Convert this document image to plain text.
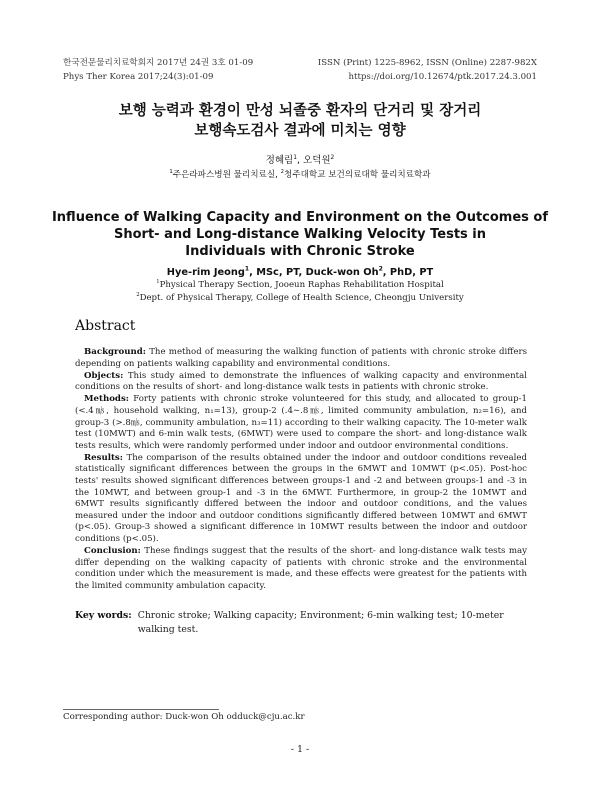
한국전문물리치료학회지 2017년 24권 3호 01-09	ISSN (Print) 1225-8962, ISSN (Online) 2287-982X
Phys Ther Korea 2017;24(3):01-09	https://doi.org/10.12674/ptk.2017.24.3.001
보행 능력과 환경이 만성 뇌졸중 환자의 단거리 및 장거리
보행속도검사 결과에 미치는 영향
정혜림$^1$, 오덕원$^2$
$^1$주은라파스병원 물리치료실, $^2$청주대학교 보건의료대학 물리치료학과
Influence of Walking Capacity and Environment on the Outcomes of
Short- and Long-distance Walking Velocity Tests in
Individuals with Chronic Stroke
Hye-rim Jeong$^1$, MSc, PT, Duck-won Oh$^2$, PhD, PT
$^1$Physical Therapy Section, Jooeun Raphas Rehabilitation Hospital
$^2$Dept. of Physical Therapy, College of Health Science, Cheongju University
Abstract

Background: The method of measuring the walking function of patients with chronic stroke differs depending on patients walking capability and environmental conditions.

Objects: This study aimed to demonstrate the influences of walking capacity and environmental conditions on the results of short- and long-distance walk tests in patients with chronic stroke.

Methods: Forty patients with chronic stroke volunteered for this study, and allocated to group-1 (<.4㎧, household walking, n₁=13), group-2 (.4∼.8㎧, limited community ambulation, n₂=16), and group-3 (>.8㎧, community ambulation, n₃=11) according to their walking capacity. The 10-meter walk test (10MWT) and 6-min walk tests, (6MWT) were used to compare the short- and long-distance walk tests results, which were randomly performed under indoor and outdoor environmental conditions.

Results: The comparison of the results obtained under the indoor and outdoor conditions revealed statistically significant differences between the groups in the 6MWT and 10MWT (p<.05). Post-hoc tests' results showed significant differences between groups-1 and -2 and between groups-1 and -3 in the 10MWT, and between group-1 and -3 in the 6MWT. Furthermore, in group-2 the 10MWT and 6MWT results significantly differed between the indoor and outdoor conditions, and the values measured under the indoor and outdoor conditions significantly differed between 10MWT and 6MWT (p<.05). Group-3 showed a significant difference in 10MWT results between the indoor and outdoor conditions (p<.05).

Conclusion: These findings suggest that the results of the short- and long-distance walk tests may differ depending on the walking capacity of patients with chronic stroke and the environmental condition under which the measurement is made, and these effects were greatest for the patients with the limited community ambulation capacity.

Key words: Chronic stroke; Walking capacity; Environment; 6-min walking test; 10-meter walking test.
Corresponding author: Duck-won Oh odduck@cju.ac.kr
- 1 -
